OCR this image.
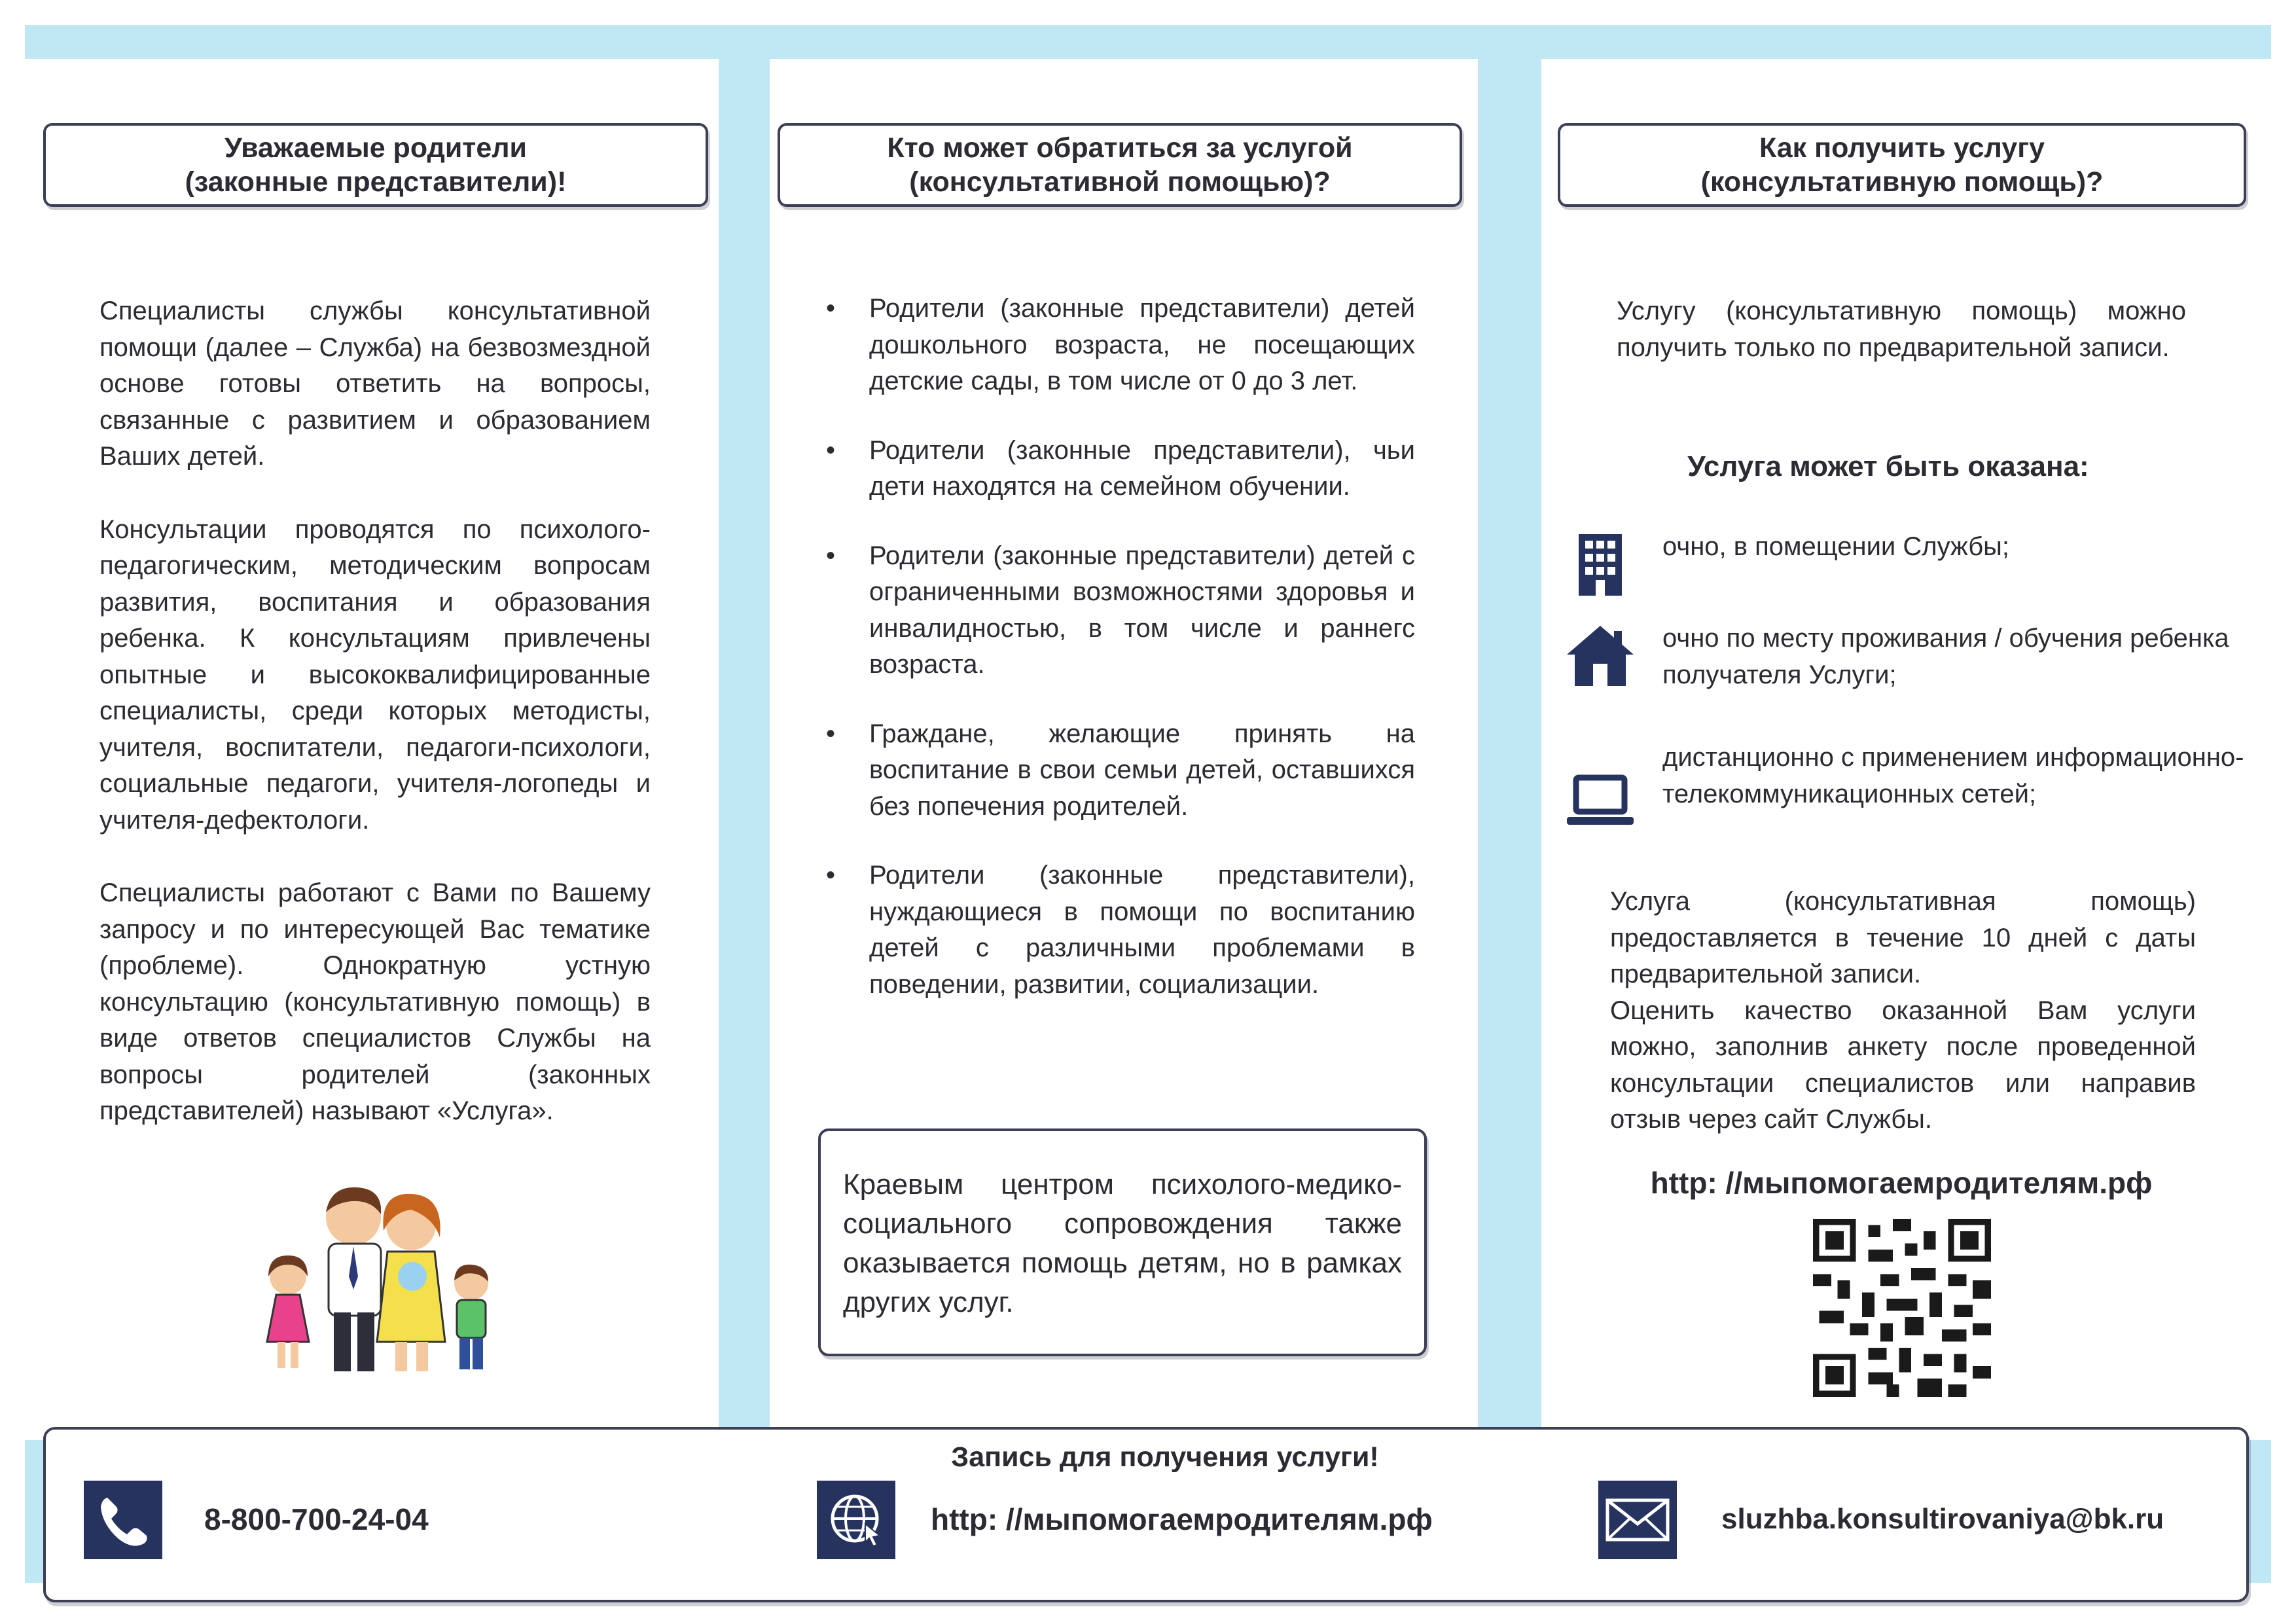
Уважаемые родители
(законные представители)!

Специалисты службы консультативной помощи (далее – Служба) на безвозмездной основе готовы ответить на вопросы, связанные с развитием и образованием Ваших детей.

Консультации проводятся по психолого-педагогическим, методическим вопросам развития, воспитания и образования ребенка. К консультациям привлечены опытные и высококвалифицированные специалисты, среди которых методисты, учителя, воспитатели, педагоги-психологи, социальные педагоги, учителя-логопеды и учителя-дефектологи.

Специалисты работают с Вами по Вашему запросу и по интересующей Вас тематике (проблеме). Однократную устную консультацию (консультативную помощь) в виде ответов специалистов Службы на вопросы родителей (законных представителей) называют «Услуга».

Кто может обратиться за услугой
(консультативной помощью)?
• Родители (законные представители) детей дошкольного возраста, не посещающих детские сады, в том числе от 0 до 3 лет.
• Родители (законные представители), чьи дети находятся на семейном обучении.
• Родители (законные представители) детей с ограниченными возможностями здоровья и инвалидностью, в том числе и раннегс возраста.
• Граждане, желающие принять на воспитание в свои семьи детей, оставшихся без попечения родителей.
• Родители (законные представители), нуждающиеся в помощи по воспитанию детей с различными проблемами в поведении, развитии, социализации.
Краевым центром психолого-медико-социального сопровождения также оказывается помощь детям, но в рамках других услуг.
Как получить услугу
(консультативную помощь)?
Услугу (консультативную помощь) можно получить только по предварительной записи.
Услуга может быть оказана:
очно, в помещении Службы;
очно по месту проживания / обучения ребенка получателя Услуги;
дистанционно с применением информационно-телекоммуникационных сетей;

Услуга (консультативная помощь) предоставляется в течение 10 дней с даты предварительной записи.

Оценить качество оказанной Вам услуги можно, заполнив анкету после проведенной консультации специалистов или направив отзыв через сайт Службы.

http: //мыпомогаемродителям.рф
Запись для получения услуги!
8-800-700-24-04	http: //мыпомогаемродителям.рф	sluzhba.konsultirovaniya@bk.ru
